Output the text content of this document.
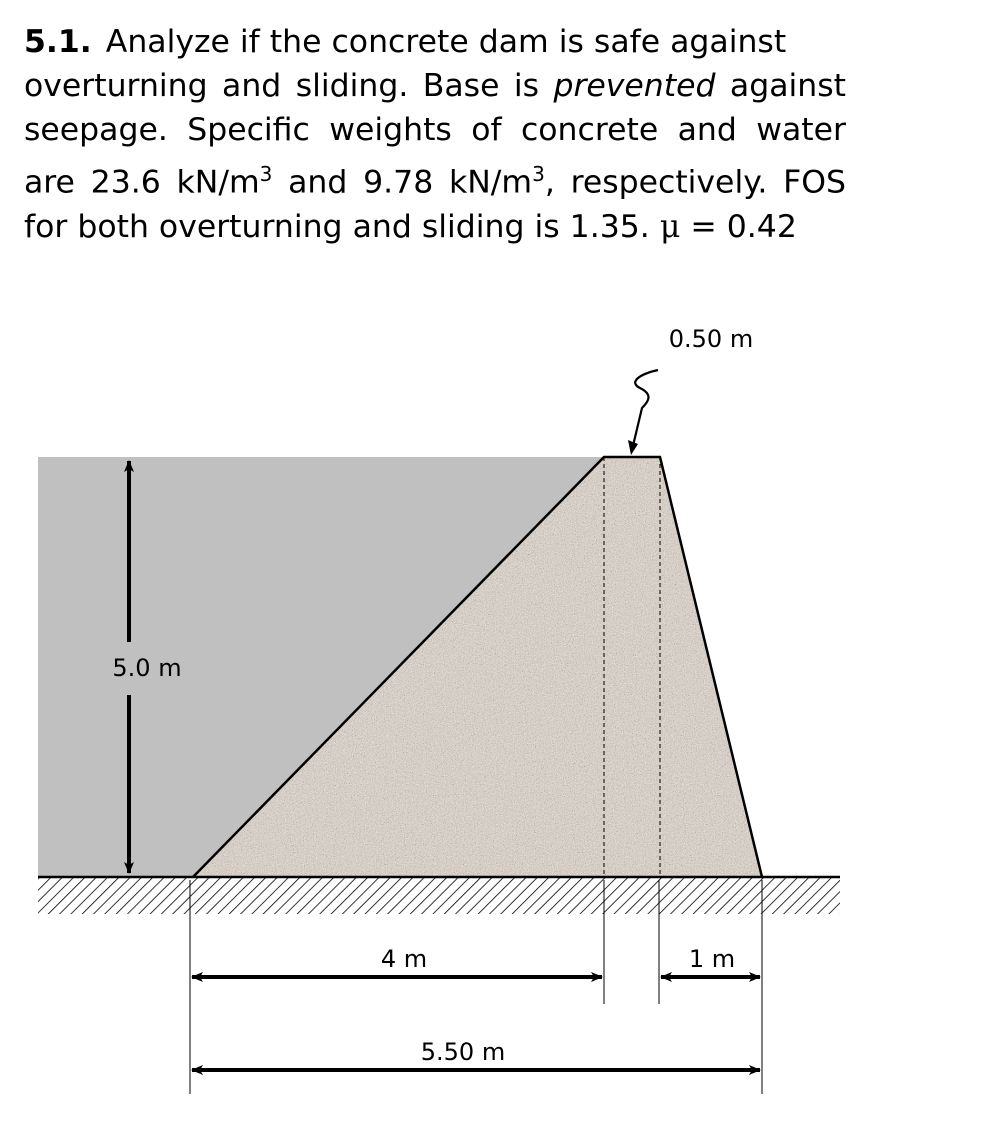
5.1. Analyze if the concrete dam is safe against
overturning and sliding. Base is prevented against
seepage. Specific weights of concrete and water
are 23.6 $kN/m^3$ and 9.78 $kN/m^3$, respectively. FOS
for both overturning and sliding is 1.35. μ = 0.42
5.0 m
0.50 m
4 m	1 m
5.50 m
